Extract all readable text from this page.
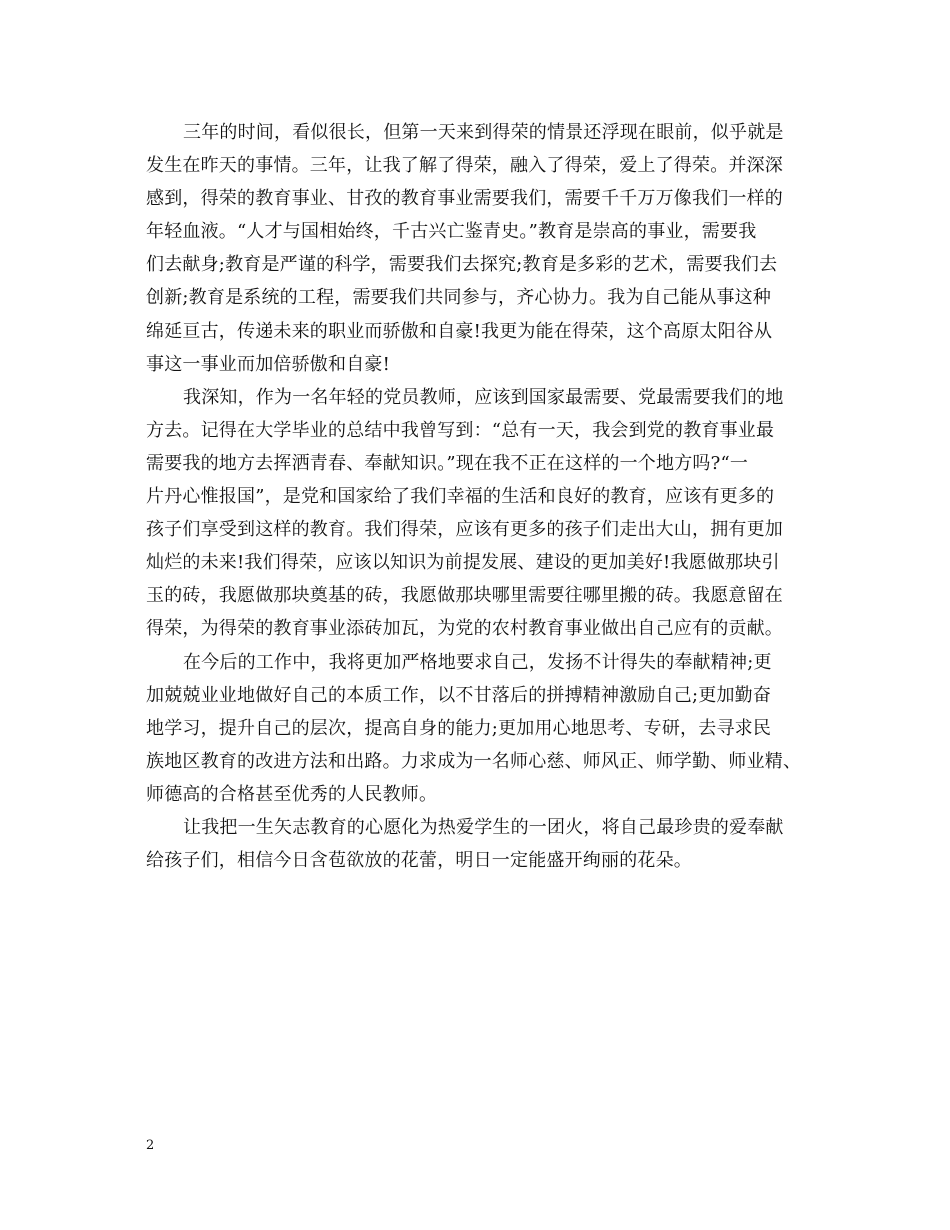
三年的时间，看似很长，但第一天来到得荣的情景还浮现在眼前，似乎就是
发生在昨天的事情。三年，让我了解了得荣，融入了得荣，爱上了得荣。并深深
感到，得荣的教育事业、甘孜的教育事业需要我们，需要千千万万像我们一样的
年轻血液。“人才与国相始终，千古兴亡鉴青史。”教育是崇高的事业，需要我
们去献身;教育是严谨的科学，需要我们去探究;教育是多彩的艺术，需要我们去
创新;教育是系统的工程，需要我们共同参与，齐心协力。我为自己能从事这种
绵延亘古，传递未来的职业而骄傲和自豪!我更为能在得荣，这个高原太阳谷从
事这一事业而加倍骄傲和自豪!
我深知，作为一名年轻的党员教师，应该到国家最需要、党最需要我们的地
方去。记得在大学毕业的总结中我曾写到：“总有一天，我会到党的教育事业最
需要我的地方去挥洒青春、奉献知识。”现在我不正在这样的一个地方吗?“一
片丹心惟报国”，是党和国家给了我们幸福的生活和良好的教育，应该有更多的
孩子们享受到这样的教育。我们得荣，应该有更多的孩子们走出大山，拥有更加
灿烂的未来!我们得荣，应该以知识为前提发展、建设的更加美好!我愿做那块引
玉的砖，我愿做那块奠基的砖，我愿做那块哪里需要往哪里搬的砖。我愿意留在
得荣，为得荣的教育事业添砖加瓦，为党的农村教育事业做出自己应有的贡献。
在今后的工作中，我将更加严格地要求自己，发扬不计得失的奉献精神;更
加兢兢业业地做好自己的本质工作，以不甘落后的拼搏精神激励自己;更加勤奋
地学习，提升自己的层次，提高自身的能力;更加用心地思考、专研，去寻求民
族地区教育的改进方法和出路。力求成为一名师心慈、师风正、师学勤、师业精、
师德高的合格甚至优秀的人民教师。
让我把一生矢志教育的心愿化为热爱学生的一团火，将自己最珍贵的爱奉献
给孩子们，相信今日含苞欲放的花蕾，明日一定能盛开绚丽的花朵。
2
